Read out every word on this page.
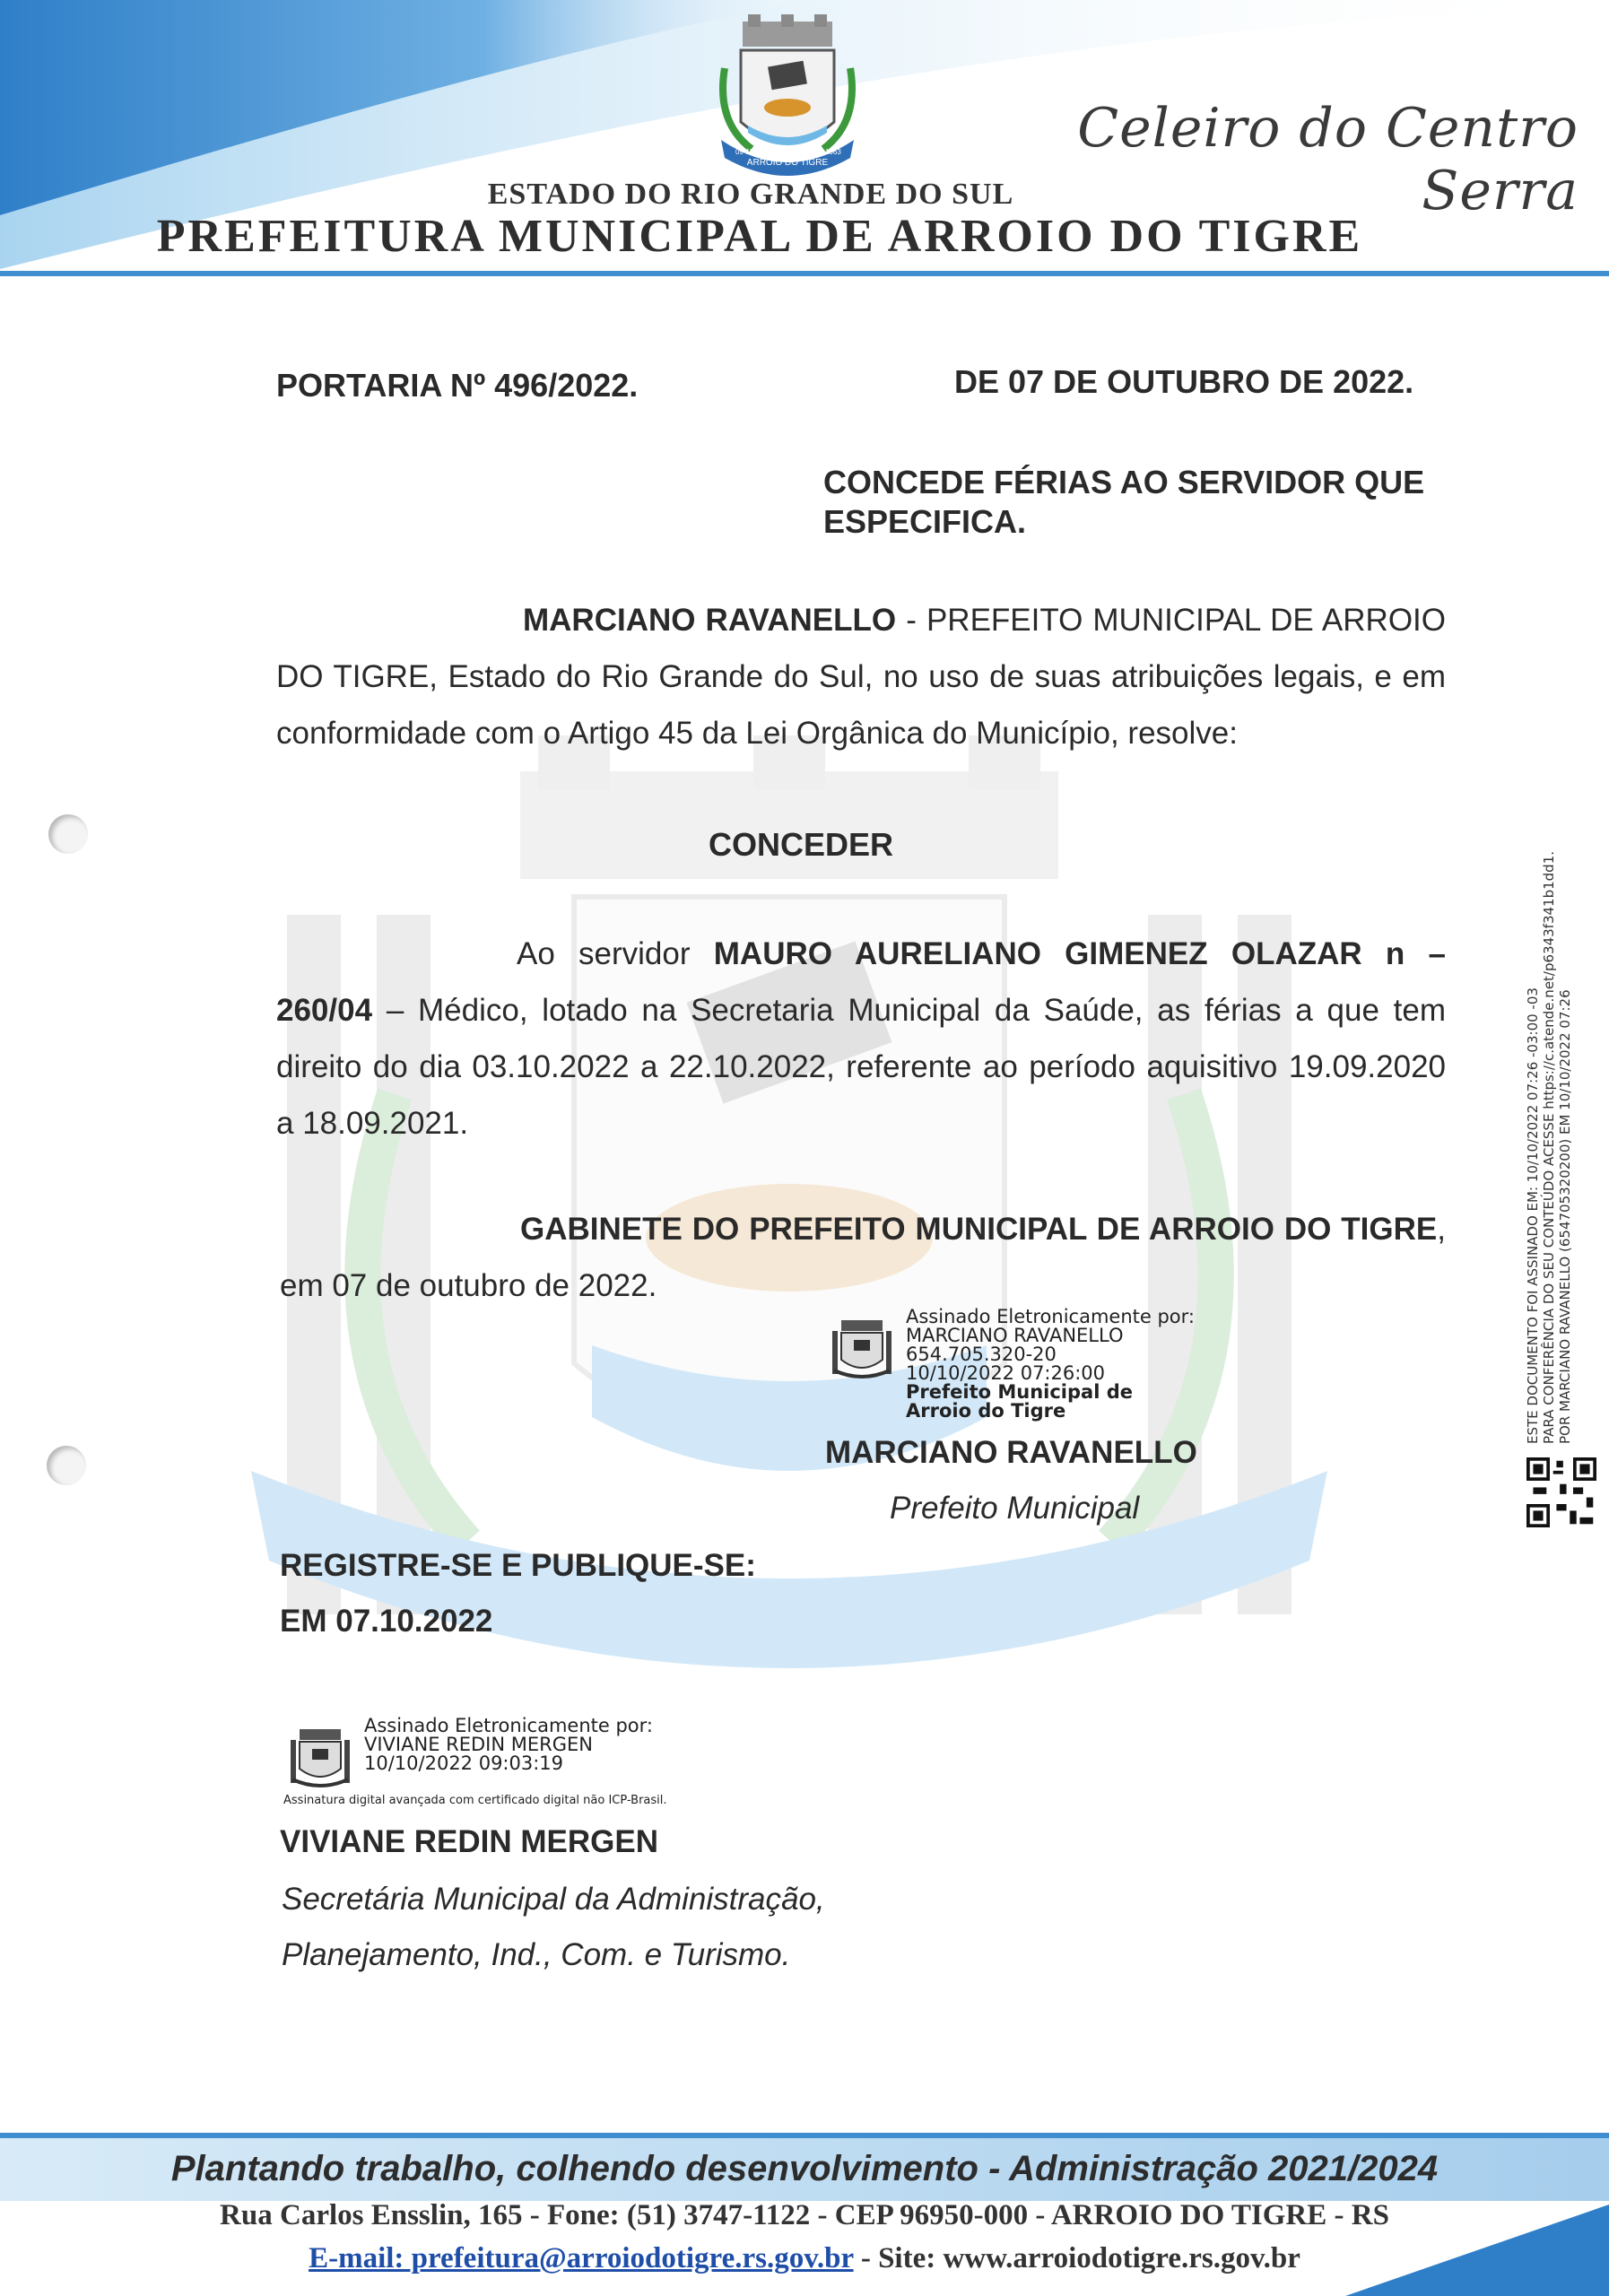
ARROIO DO TIGRE
09-11	1963	Celeiro do Centro Serra
ESTADO DO RIO GRANDE DO SUL
PREFEITURA MUNICIPAL DE ARROIO DO TIGRE
PORTARIA Nº 496/2022.	DE 07 DE OUTUBRO DE 2022.
CONCEDE FÉRIAS AO SERVIDOR QUE
ESPECIFICA.
MARCIANO RAVANELLO - PREFEITO MUNICIPAL DE ARROIO DO TIGRE, Estado do Rio Grande do Sul, no uso de suas atribuições legais, e em conformidade com o Artigo 45 da Lei Orgânica do Município, resolve:
CONCEDER
Ao servidor MAURO AURELIANO GIMENEZ OLAZAR n – 260/04 – Médico, lotado na Secretaria Municipal da Saúde, as férias a que tem direito do dia 03.10.2022 a 22.10.2022, referente ao período aquisitivo 19.09.2020 a 18.09.2021.
GABINETE DO PREFEITO MUNICIPAL DE ARROIO DO TIGRE, em 07 de outubro de 2022.
Assinado Eletronicamente por:
MARCIANO RAVANELLO
654.705.320-20
10/10/2022 07:26:00
Prefeito Municipal de
Arroio do Tigre
MARCIANO RAVANELLO
Prefeito Municipal
REGISTRE-SE E PUBLIQUE-SE:
EM 07.10.2022
Assinado Eletronicamente por:
VIVIANE REDIN MERGEN
10/10/2022 09:03:19
Assinatura digital avançada com certificado digital não ICP-Brasil.
VIVIANE REDIN MERGEN
Secretária Municipal da Administração,
Planejamento, Ind., Com. e Turismo.
ESTE DOCUMENTO FOI ASSINADO EM: 10/10/2022 07:26 -03:00 -03 PARA CONFERÊNCIA DO SEU CONTEÚDO ACESSE https://c.atende.net/p6343f341b1dd1. POR MARCIANO RAVANELLO (654705320200) EM 10/10/2022 07:26
Plantando trabalho, colhendo desenvolvimento - Administração 2021/2024
Rua Carlos Ensslin, 165 - Fone: (51) 3747-1122 - CEP 96950-000 - ARROIO DO TIGRE - RS
E-mail: prefeitura@arroiodotigre.rs.gov.br - Site: www.arroiodotigre.rs.gov.br
